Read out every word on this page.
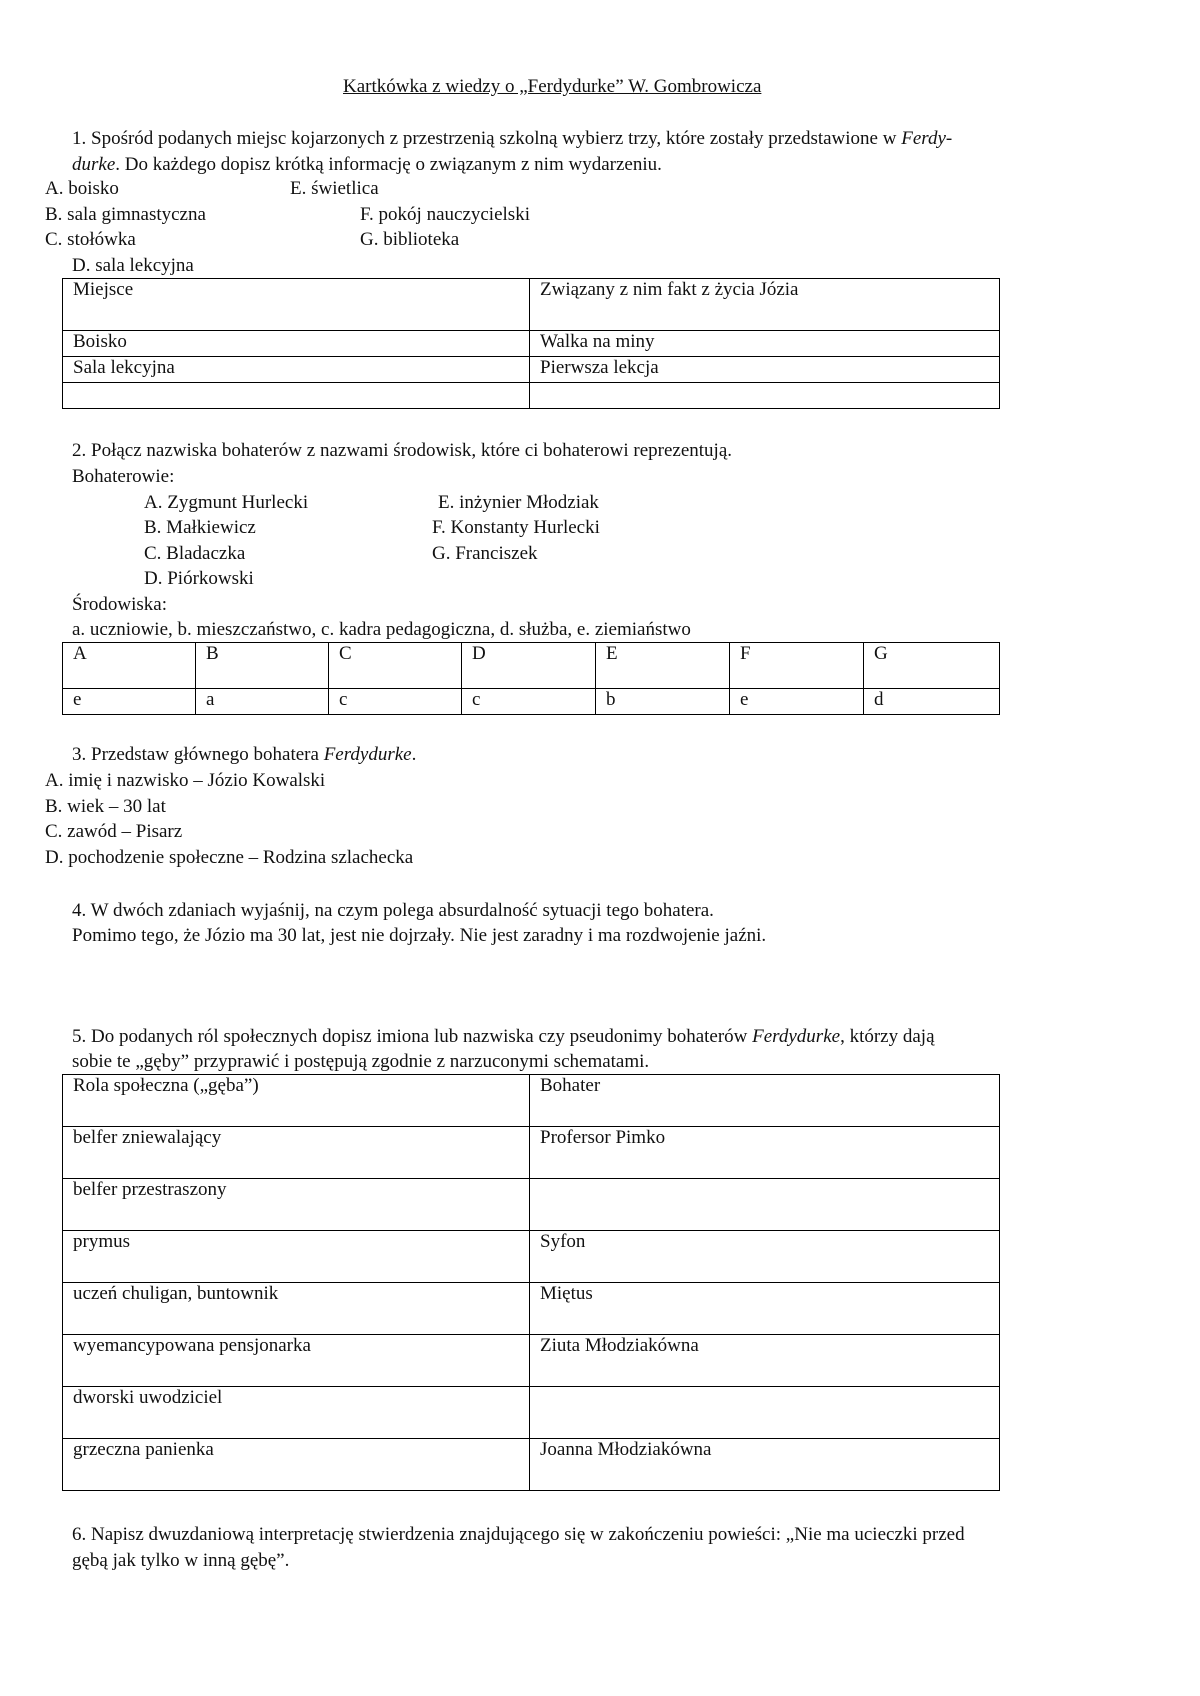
Kartkówka z wiedzy o „Ferdydurke” W. Gombrowicza
1. Spośród podanych miejsc kojarzonych z przestrzenią szkolną wybierz trzy, które zostały przedstawione w Ferdy-
durke. Do każdego dopisz krótką informację o związanym z nim wydarzeniu.
A. boisko	E. świetlica
B. sala gimnastyczna	F. pokój nauczycielski
C. stołówka	G. biblioteka
D. sala lekcyjna
Miejsce	Związany z nim fakt z życia Józia
Boisko	Walka na miny
Sala lekcyjna	Pierwsza lekcja

2. Połącz nazwiska bohaterów z nazwami środowisk, które ci bohaterowi reprezentują.
Bohaterowie:
A. Zygmunt Hurlecki	E. inżynier Młodziak
B. Małkiewicz	F. Konstanty Hurlecki
C. Bladaczka	G. Franciszek
D. Piórkowski
Środowiska:
a. uczniowie, b. mieszczaństwo, c. kadra pedagogiczna, d. służba, e. ziemiaństwo
A	B	C	D	E	F	G
e	a	c	c	b	e	d
3. Przedstaw głównego bohatera Ferdydurke.
A. imię i nazwisko – Józio Kowalski
B. wiek – 30 lat
C. zawód – Pisarz
D. pochodzenie społeczne – Rodzina szlachecka
4. W dwóch zdaniach wyjaśnij, na czym polega absurdalność sytuacji tego bohatera.
Pomimo tego, że Józio ma 30 lat, jest nie dojrzały. Nie jest zaradny i ma rozdwojenie jaźni.
5. Do podanych ról społecznych dopisz imiona lub nazwiska czy pseudonimy bohaterów Ferdydurke, którzy dają
sobie te „gęby” przyprawić i postępują zgodnie z narzuconymi schematami.
Rola społeczna („gęba”)	Bohater
belfer zniewalający	Profersor Pimko
belfer przestraszony	
prymus	Syfon
uczeń chuligan, buntownik	Miętus
wyemancypowana pensjonarka	Ziuta Młodziakówna
dworski uwodziciel	
grzeczna panienka	Joanna Młodziakówna
6. Napisz dwuzdaniową interpretację stwierdzenia znajdującego się w zakończeniu powieści: „Nie ma ucieczki przed
gębą jak tylko w inną gębę”.
